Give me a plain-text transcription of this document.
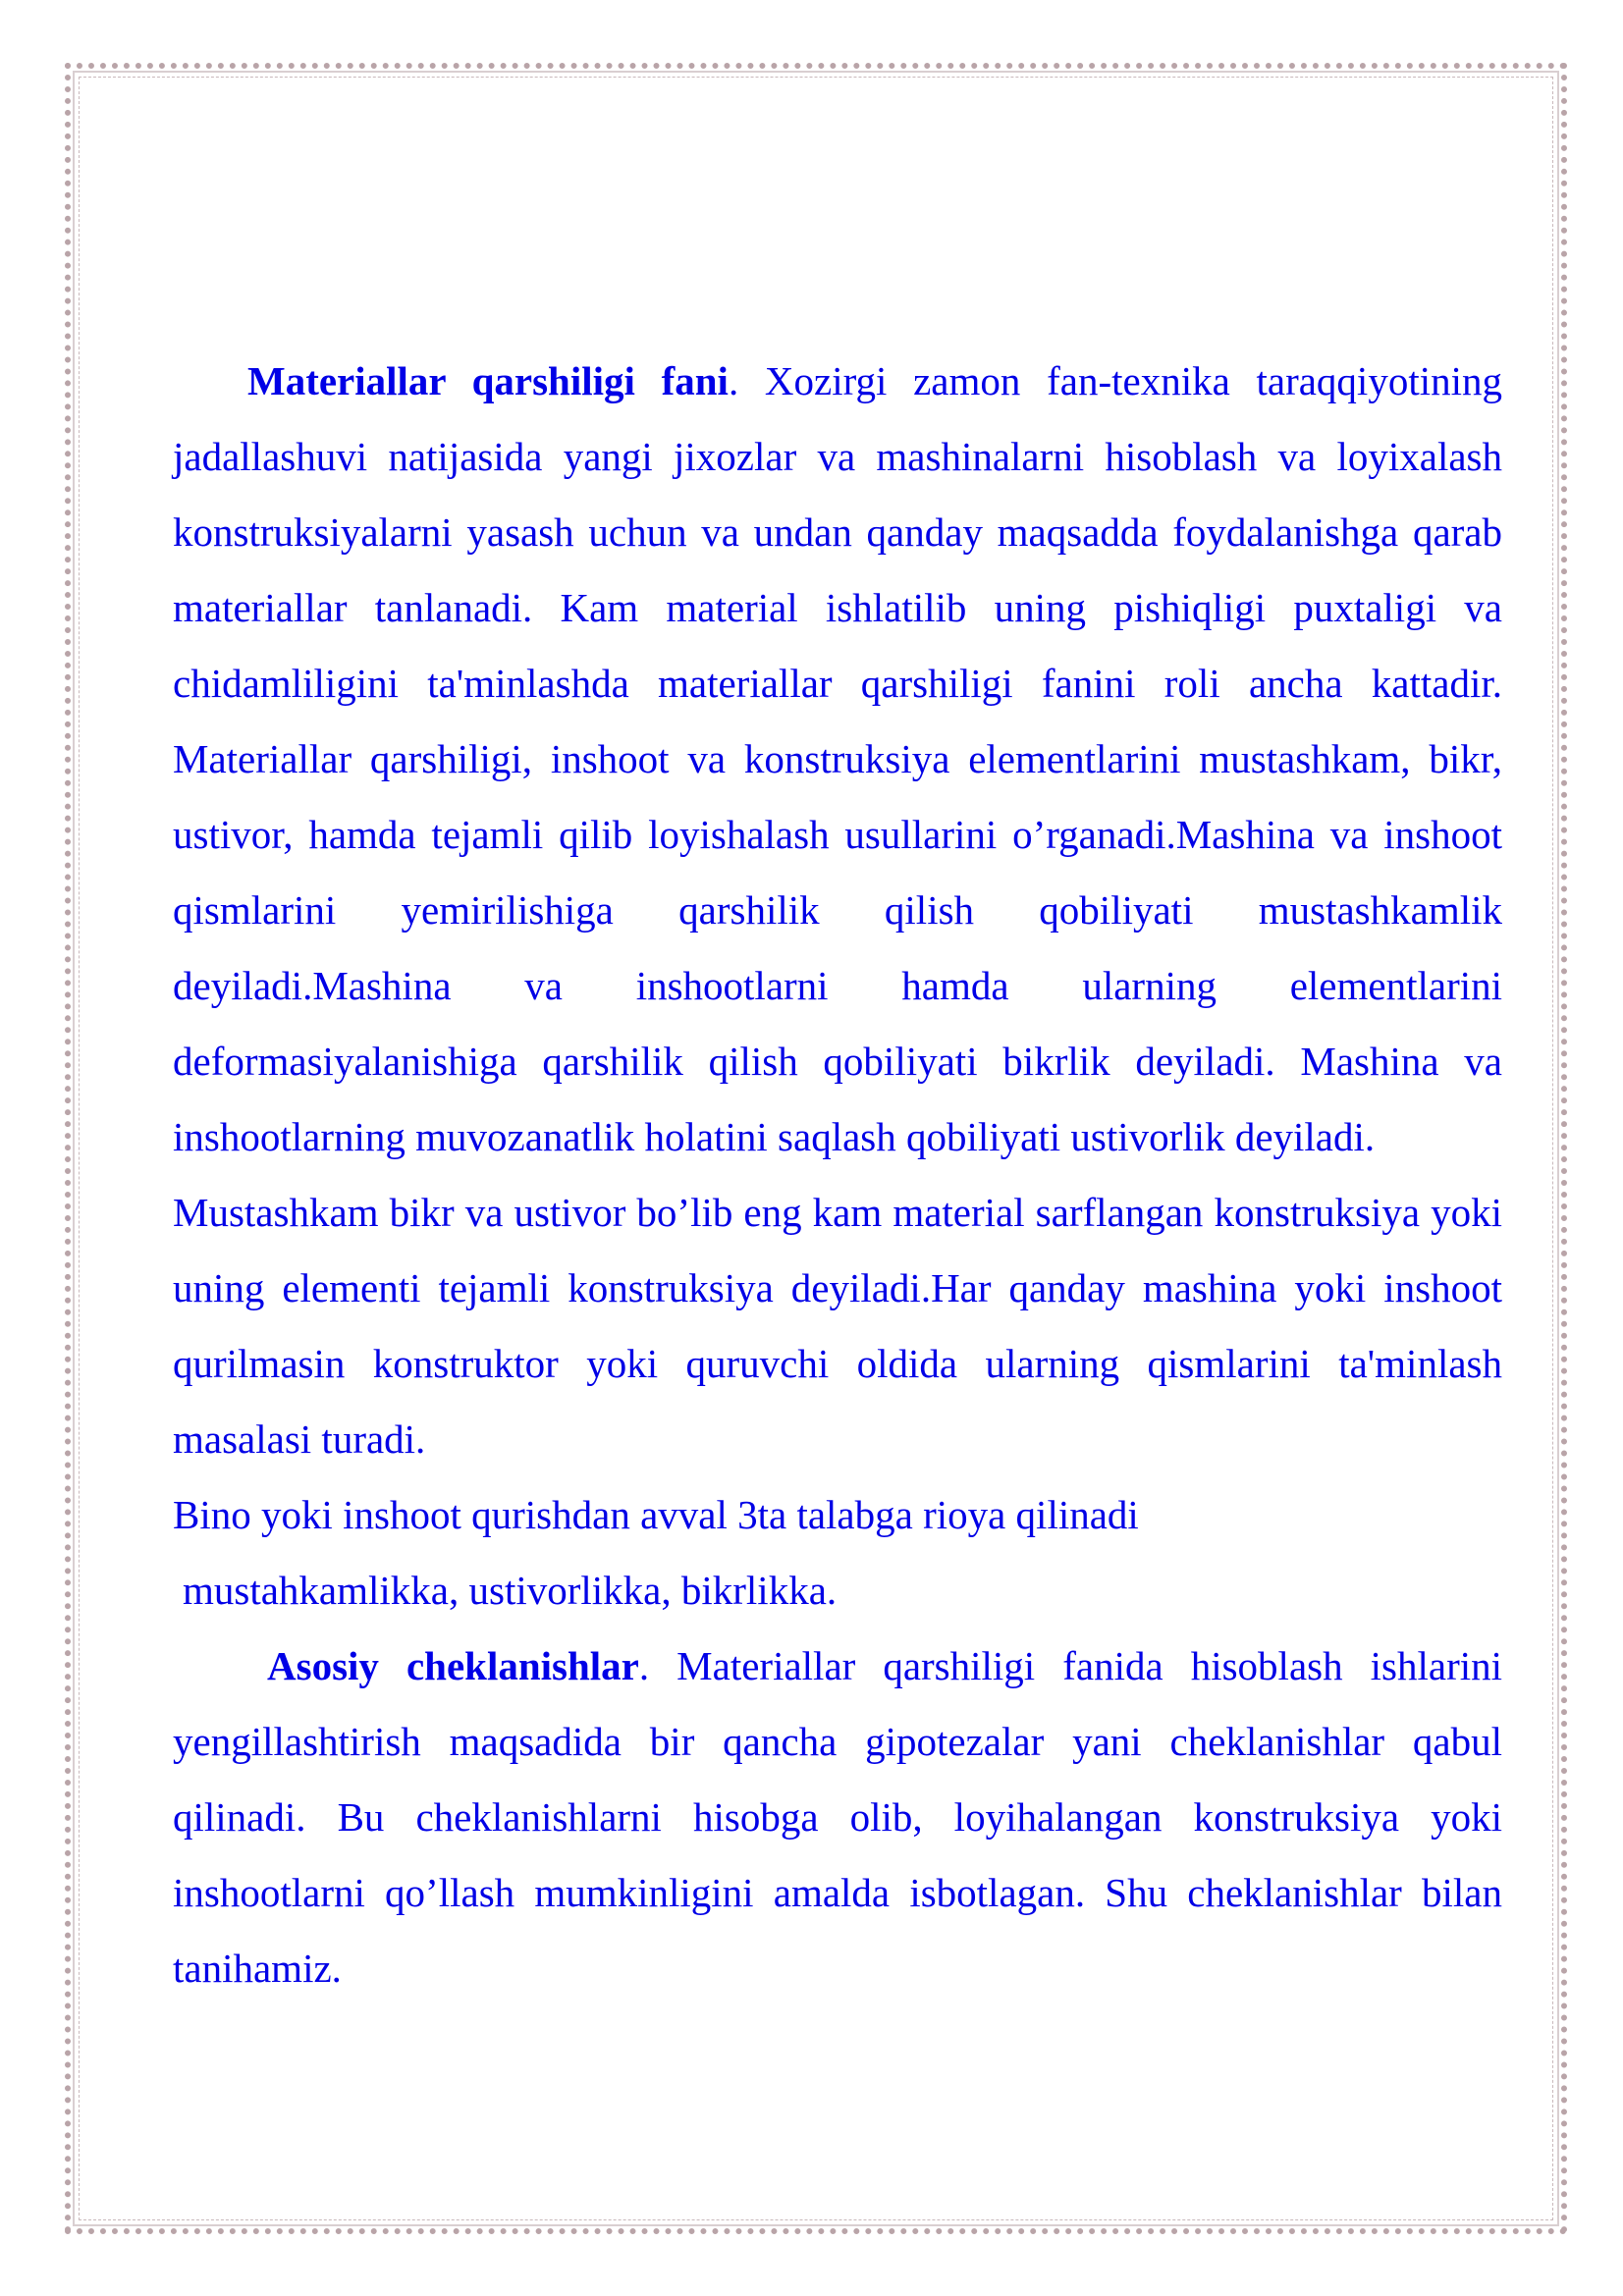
Materiallar qarshiligi fani. Xozirgi zamon fan-texnika taraqqiyotining jadallashuvi natijasida yangi jixozlar va mashinalarni hisoblash va loyixalash konstruksiyalarni yasash uchun va undan qanday maqsadda foydalanishga qarab materiallar tanlanadi. Kam material ishlatilib uning pishiqligi puxtaligi va chidamliligini ta'minlashda materiallar qarshiligi fanini roli ancha kattadir. Materiallar qarshiligi, inshoot va konstruksiya elementlarini mustashkam, bikr, ustivor, hamda tejamli qilib loyishalash usullarini o’rganadi.Mashina va inshoot qismlarini yemirilishiga qarshilik qilish qobiliyati mustashkamlik deyiladi.Mashina va inshootlarni hamda ularning elementlarini deformasiyalanishiga qarshilik qilish qobiliyati bikrlik deyiladi. Mashina va inshootlarning muvozanatlik holatini saqlash qobiliyati ustivorlik deyiladi.

Mustashkam bikr va ustivor bo’lib eng kam material sarflangan konstruksiya yoki uning elementi tejamli konstruksiya deyiladi.Har qanday mashina yoki inshoot qurilmasin konstruktor yoki quruvchi oldida ularning qismlarini ta'minlash masalasi turadi.

Bino yoki inshoot qurishdan avval 3ta talabga rioya qilinadi

mustahkamlikka, ustivorlikka, bikrlikka.

Asosiy cheklanishlar. Materiallar qarshiligi fanida hisoblash ishlarini yengillashtirish maqsadida bir qancha gipotezalar yani cheklanishlar qabul qilinadi. Bu cheklanishlarni hisobga olib, loyihalangan konstruksiya yoki inshootlarni qo’llash mumkinligini amalda isbotlagan. Shu cheklanishlar bilan tanihamiz.
